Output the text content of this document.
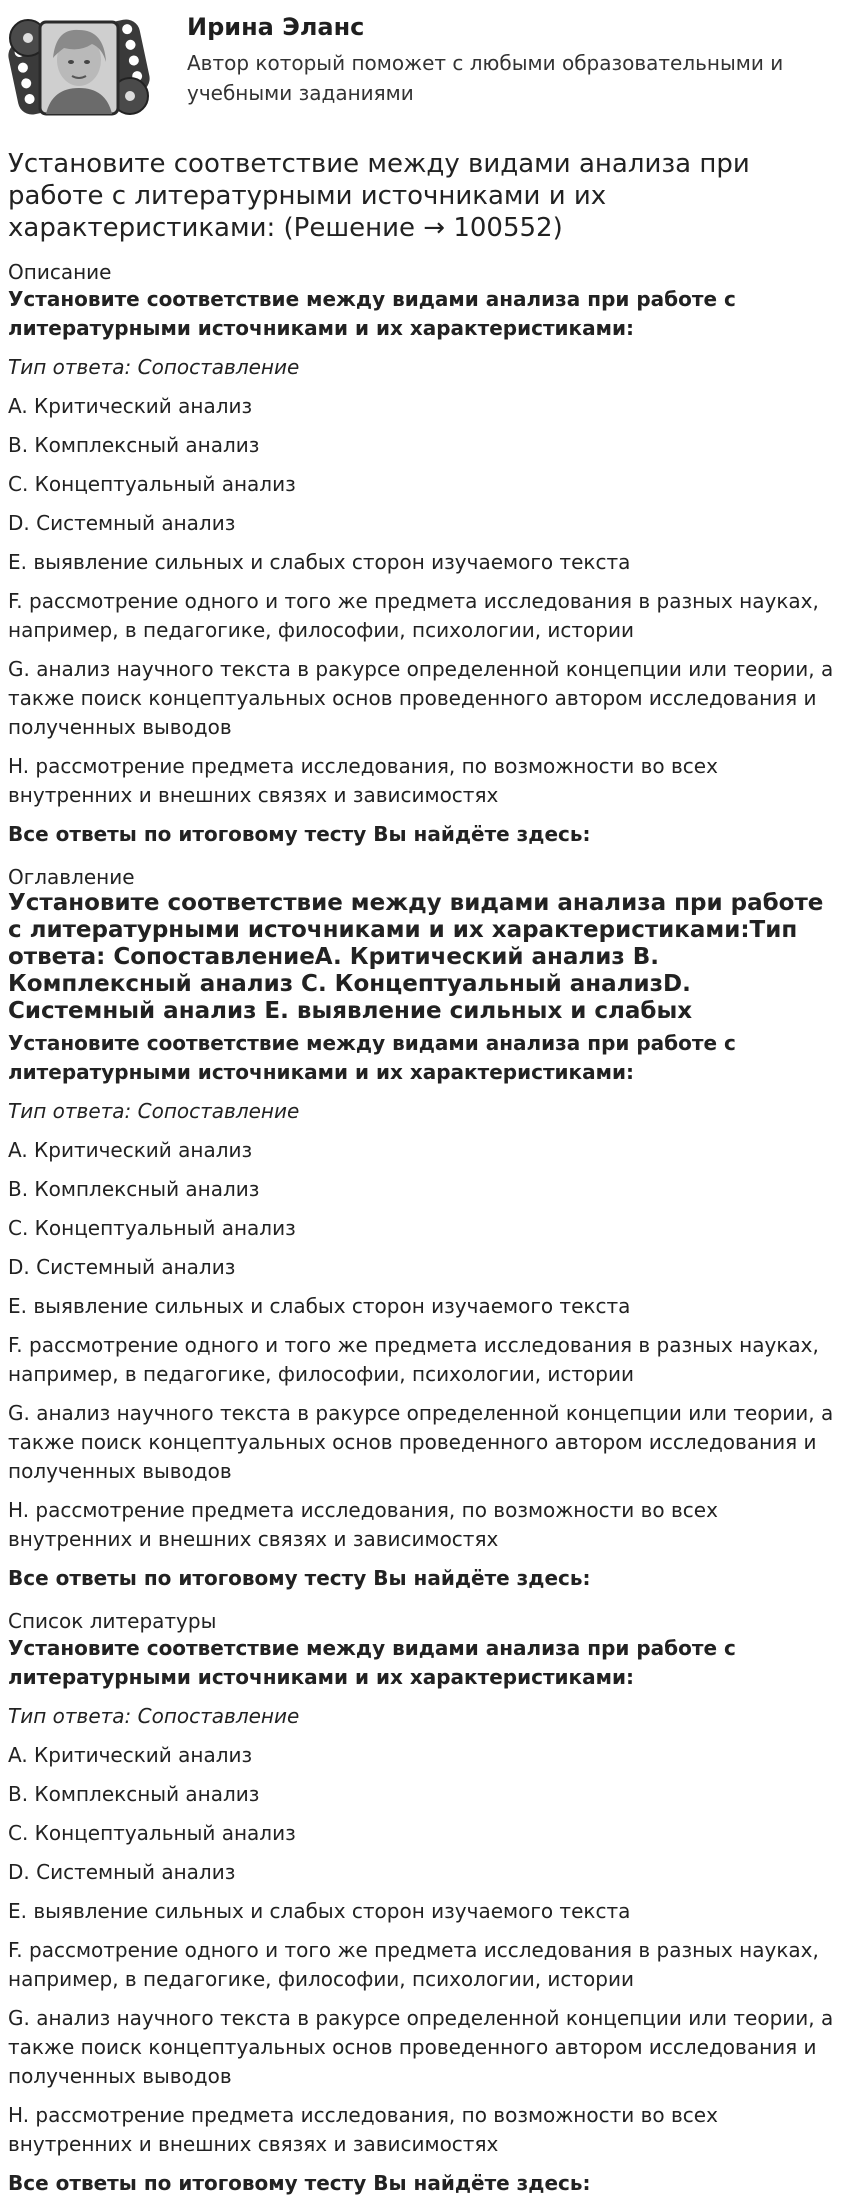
Ирина Эланс
Автор который поможет с любыми образовательными и учебными заданиями
Установите соответствие между видами анализа при работе с литературными источниками и их характеристиками: (Решение → 100552)
Описание

Установите соответствие между видами анализа при работе с литературными источниками и их характеристиками:

Тип ответа: Сопоставление

A. Критический анализ

B. Комплексный анализ

C. Концептуальный анализ

D. Системный анализ

E. выявление сильных и слабых сторон изучаемого текста

F. рассмотрение одного и того же предмета исследования в разных науках, например, в педагогике, философии, психологии, истории

G. анализ научного текста в ракурсе определенной концепции или теории, а также поиск концептуальных основ проведенного автором исследования и полученных выводов

H. рассмотрение предмета исследования, по возможности во всех внутренних и внешних связях и зависимостях

Все ответы по итоговому тесту Вы найдёте здесь:

Оглавление
Установите соответствие между видами анализа при работе с литературными источниками и их характеристиками:Тип ответа: СопоставлениеA. Критический анализ B. Комплексный анализ C. Концептуальный анализD. Системный анализ E. выявление сильных и слабых

Установите соответствие между видами анализа при работе с литературными источниками и их характеристиками:

Тип ответа: Сопоставление

A. Критический анализ

B. Комплексный анализ

C. Концептуальный анализ

D. Системный анализ

E. выявление сильных и слабых сторон изучаемого текста

F. рассмотрение одного и того же предмета исследования в разных науках, например, в педагогике, философии, психологии, истории

G. анализ научного текста в ракурсе определенной концепции или теории, а также поиск концептуальных основ проведенного автором исследования и полученных выводов

H. рассмотрение предмета исследования, по возможности во всех внутренних и внешних связях и зависимостях

Все ответы по итоговому тесту Вы найдёте здесь:

Список литературы

Установите соответствие между видами анализа при работе с литературными источниками и их характеристиками:

Тип ответа: Сопоставление

A. Критический анализ

B. Комплексный анализ

C. Концептуальный анализ

D. Системный анализ

E. выявление сильных и слабых сторон изучаемого текста

F. рассмотрение одного и того же предмета исследования в разных науках, например, в педагогике, философии, психологии, истории

G. анализ научного текста в ракурсе определенной концепции или теории, а также поиск концептуальных основ проведенного автором исследования и полученных выводов

H. рассмотрение предмета исследования, по возможности во всех внутренних и внешних связях и зависимостях

Все ответы по итоговому тесту Вы найдёте здесь:
